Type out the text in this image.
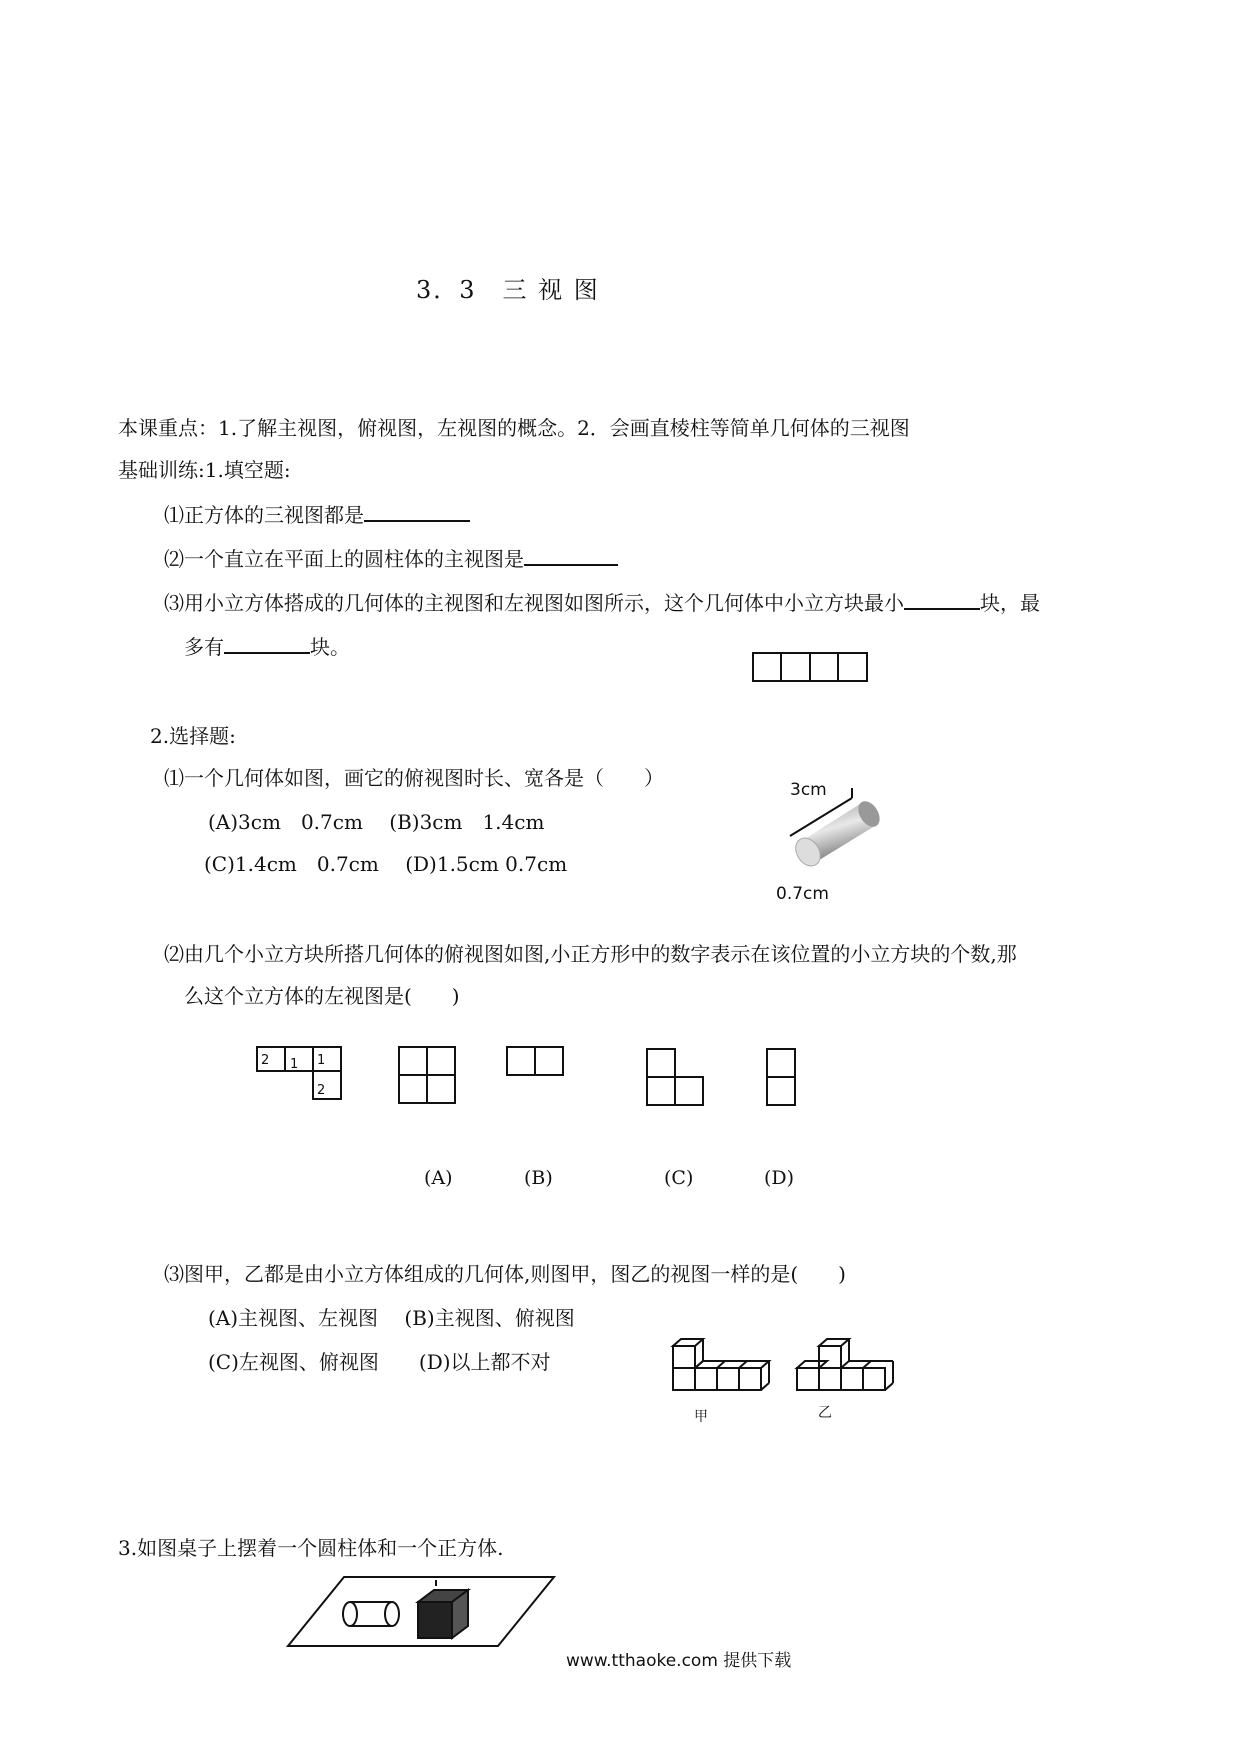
3．3　三 视 图
本课重点：1.了解主视图，俯视图，左视图的概念。2．会画直棱柱等简单几何体的三视图
基础训练:1.填空题:
⑴正方体的三视图都是
⑵一个直立在平面上的圆柱体的主视图是
⑶用小立方体搭成的几何体的主视图和左视图如图所示，这个几何体中小立方块最小	块，最
多有	块。
2.选择题:
⑴一个几何体如图，画它的俯视图时长、宽各是（　　）
(A)3cm　0.7cm　 (B)3cm　1.4cm
(C)1.4cm　0.7cm　 (D)1.5cm 0.7cm
3cm
0.7cm
⑵由几个小立方块所搭几何体的俯视图如图,小正方形中的数字表示在该位置的小立方块的个数,那
么这个立方体的左视图是(　　)
2 1 1
2
(A)	(B)	(C)	(D)
⑶图甲，乙都是由小立方体组成的几何体,则图甲，图乙的视图一样的是(　　)
(A)主视图、左视图　 (B)主视图、俯视图
(C)左视图、俯视图　　(D)以上都不对
甲	乙
3.如图桌子上摆着一个圆柱体和一个正方体.
www.tthaoke.com 提供下载
